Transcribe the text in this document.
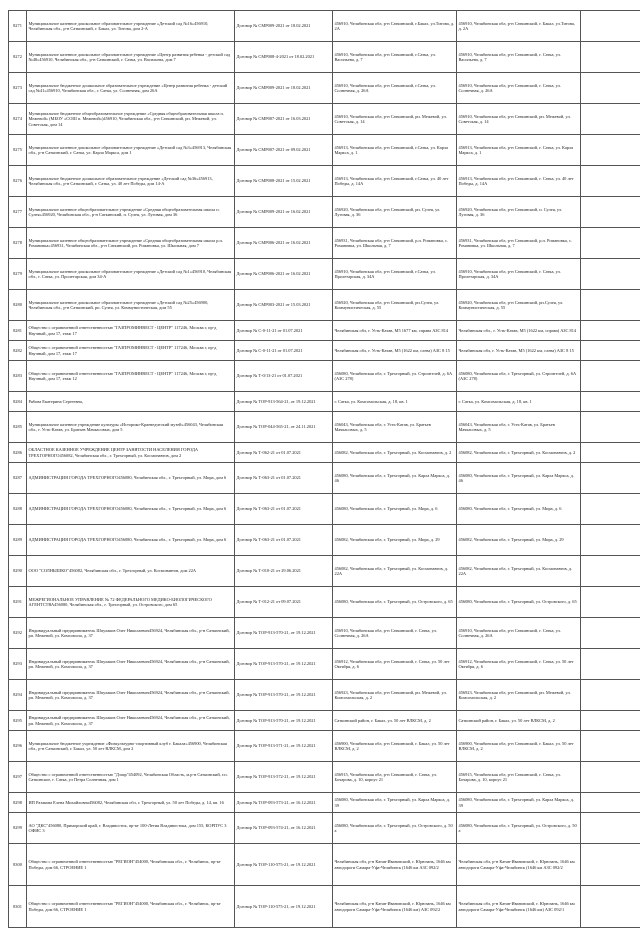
8271	Муниципальное казенное дошкольное образовательное учреждение «Детский сад №16»456910, Челябинская обл., р-н Саткинский, г. Бакал, ул. Титова, дом 2-А	Договор № СМР009-2021 от 18.02.2021	456910, Челябинская обл, р-н Саткинский, г.Бакал, ул.Титова, д. 2А	456910, Челябинская обл, р-н Саткинский, г. Бакал, ул.Титова, д. 2А	
8272	Муниципальное казенное дошкольное образовательное учреждение «Центр развития ребенка - детский сад №48»456910, Челябинская обл., р-н Саткинский, г. Сатка, ул. Васильева, дом 7	Договор № СМР008-4-2021 от 18.02.2021	456910, Челябинская обл, р-н Саткинский, г.Сатка, ул. Васильева, д. 7	456910, Челябинская обл, р-н Саткинский, г. Сатка, ул. Васильева, д. 7	
8273	Муниципальное бюджетное дошкольное образовательное учреждение «Центр развития ребенка - детский сад №41»456910, Челябинская обл., г. Сатка, ул. Солнечная, дом 26А	Договор № СМР009-2021 от 18.02.2021	456910, Челябинская обл, р-н Саткинский, г.Сатка, ул. Солнечная, д. 26А	456910, Челябинская обл, р-н Саткинский, г. Сатка, ул. Солнечная, д. 26А	
8274	Муниципальное бюджетное общеобразовательное учреждение «Средняя общеобразовательная школа п. Межевой» (МБОУ «СОШ п. Межевой»)456910, Челябинская обл., р-н Саткинский, рп. Межевой, ул. Советская, дом 14	Договор № СМР007-2021 от 16.03.2021	456910, Челябинская обл, р-н Саткинский, рп. Межевой, ул. Советская, д. 14	456910, Челябинская обл, р-н Саткинский, рп. Межевой, ул. Советская, д. 14	
8275	Муниципальное казенное дошкольное образовательное учреждение «Детский сад №3»456913, Челябинская обл., р-н Саткинский, г. Сатка, ул. Карла Маркса, дом 1	Договор № СМР007-2021 от 09.02.2021	456913, Челябинская обл, р-н Саткинский, г.Сатка, ул. Карла Маркса, д. 1	456913, Челябинская обл, р-н Саткинский, г. Сатка, ул. Карла Маркса, д. 1	
8276	Муниципальное бюджетное дошкольное образовательное учреждение «Детский сад №36»456913, Челябинская обл., р-н Саткинский, г. Сатка, ул. 40 лет Победы, дом 14-А	Договор № СМР008-2021 от 15.02.2021	456913, Челябинская обл, р-н Саткинский, г.Сатка, ул. 40 лет Победы, д. 14А	456913, Челябинская обл, р-н Саткинский, г. Сатка, ул. 40 лет Победы, д. 14А	
8277	Муниципальное казенное общеобразовательное учреждение «Средняя общеобразовательная школа п. Сулея»456920, Челябинская обл., р-н Саткинский, п. Сулея, ул. Луговая, дом 36	Договор № СМР009-2021 от 16.02.2021	456920, Челябинская обл, р-н Саткинский, рп. Сулея, ул. Луговая, д. 36	456920, Челябинская обл, р-н Саткинский, п. Сулея, ул. Луговая, д. 36	
8278	Муниципальное казенное общеобразовательное учреждение «Средняя общеобразовательная школа р.п. Романовка»456931, Челябинская обл., р-н Саткинский, рп. Романовка, ул. Школьная, дом 7	Договор № СМР006-2021 от 16.02.2021	456931, Челябинская обл, р-н Саткинский, р.п. Романовка, с. Романовка, ул. Школьная, д. 7	456931, Челябинская обл, р-н Саткинский, р.п. Романовка, с. Романовка, ул. Школьная, д. 7	
8279	Муниципальное казенное дошкольное образовательное учреждение «Детский сад №1»456910, Челябинская обл., г. Сатка, ул. Пролетарская, дом 34-А	Договор № СМР006-2021 от 16.02.2021	456910, Челябинская обл, р-н Саткинский, г.Сатка, ул. Пролетарская, д. 34А	456910, Челябинская обл, р-н Саткинский, г. Сатка, ул. Пролетарская, д. 34А	
8280	Муниципальное казенное дошкольное образовательное учреждение «Детский сад №25»456900, Челябинская обл., р-н Саткинский, рп. Сулея, ул. Коммунистическая, дом 55	Договор № СМР003-2021 от 15.03.2021	456920, Челябинская обл, р-н Саткинский, рп.Сулея, ул. Коммунистическая, д. 55	456920, Челябинская обл, р-н Саткинский, рп.Сулея, ул. Коммунистическая, д. 55	
8281	Общество с ограниченной ответственностью "ГАЗПРОМИНВЕСТ - ЦЕНТР" 117246, Москва г, пр-д Научный, дом 17, этаж 17	Договор № С-0-11-21 от 01.07.2021	Челябинская обл, г. Усть-Катав, М5 1677 км, справа АЗС 814	Челябинская обл., г. Усть-Катав, М5 (1622 км, справа) АЗС 814	
8282	Общество с ограниченной ответственностью "ГАЗПРОМИНВЕСТ - ЦЕНТР" 117246, Москва г, пр-д Научный, дом 17, этаж 17	Договор № С-0-11-21 от 01.07.2021	Челябинская обл, г. Усть-Катав, М5 (1622 км, слева) АЗС 8 15	Челябинская обл, г. Усть-Катав, М5 (1622 км, слева) АЗС 8 15	
8283	Общество с ограниченной ответственностью "ГАЗПРОМИНВЕСТ - ЦЕНТР" 117246, Москва г, пр-д Научный, дом 17, этаж 12	Договор № Т-0/13-21 от 01.07.2021	456080, Челябинская обл, г. Трехгорный, ул. Строителей, д. 6А (АЗС 278)	456080, Челябинская обл, г. Трехгорный, ул. Строителей, д. 6А (АЗС 278)	
8284	Рябова Екатерина Сергеевна,	Договор № ТОР-913-564-21, от 19.12.2021	г. Сатка, ул. Комсомольская, д. 18, кв. 1	г. Сатка, ул. Комсомольская, д. 18, кв. 1	
8285	Муниципальное казенное учреждение культуры «Историко-Краеведческий музей»456043, Челябинская обл., г. Усть-Катав, ул. Братьев Мачкасовых, дом 5	Договор № ТОР-044-565-21, от 24.11.2021	456043, Челябинская обл, г. Усть-Катав, ул. Братьев Мачкасовых, д. 5	456043, Челябинская обл, г. Усть-Катав, ул. Братьев Мачкасовых, д. 5	
8286	ОБЛАСТНОЕ КАЗЕННОЕ УЧРЕЖДЕНИЕ ЦЕНТР ЗАНЯТОСТИ НАСЕЛЕНИЯ ГОРОДА ТРЕХГОРНОГО456082, Челябинская обл., г. Трехгорный, ул. Космонавтов, дом 2	Договор № Т-062-21 от 01.07.2021	456082, Челябинская обл, г. Трехгорный, ул. Космонавтов, д. 2	456082, Челябинская обл, г. Трехгорный, ул. Космонавтов, д. 2	
8287	АДМИНИСТРАЦИЯ ГОРОДА ТРЕХГОРНОГО456080, Челябинская обл., г. Трехгорный, ул. Мира, дом 6	Договор № Т-063-21 от 01.07.2021	456080, Челябинская обл, г. Трехгорный, ул. Карла Маркса, д. 46	456080, Челябинская обл, г. Трехгорный, ул. Карла Маркса, д. 46	
8288	АДМИНИСТРАЦИЯ ГОРОДА ТРЕХГОРНОГО456080, Челябинская обл., г. Трехгорный, ул. Мира, дом 6	Договор № Т-063-21 от 01.07.2021	456080, Челябинская обл, г. Трехгорный, ул. Мира, д. 6	456080, Челябинская обл, г. Трехгорный, ул. Мира, д. 6	
8289	АДМИНИСТРАЦИЯ ГОРОДА ТРЕХГОРНОГО456080, Челябинская обл., г. Трехгорный, ул. Мира, дом 6	Договор № Т-063-21 от 01.07.2021	456082, Челябинская обл, г. Трехгорный, ул. Мира, д. 29	456082, Челябинская обл, г. Трехгорный, ул. Мира, д. 29	
8290	ООО "СОЛНЫШКО"456082, Челябинская обл., г. Трехгорный, ул. Космонавтов, дом 22А	Договор № Т-010-21 от 29.06.2021	456082, Челябинская обл, г. Трехгорный, ул. Космонавтов, д. 22А	456082, Челябинская обл, г. Трехгорный, ул. Космонавтов, д. 22А	
8291	МЕЖРЕГИОНАЛЬНОЕ УПРАВЛЕНИЕ № 72 ФЕДЕРАЛЬНОГО МЕДИКО-БИОЛОГИЧЕСКОГО АГЕНТСТВА456080, Челябинская обл., г. Трехгорный, ул. Островского, дом 65	Договор № Т-012-21 от 09.07.2021	456080, Челябинская обл, г. Трехгорный, ул. Островского, д. 65	456080, Челябинская обл, г. Трехгорный, ул. Островского, д. 65	
8292	Индивидуальный предприниматель Шпулаков Олег Николаевич456924, Челябинская обл., р-н Саткинский, рп. Межевой, ул. Комсомола, д. 37	Договор № ТОР-913-570-21, от 19.12.2021	456910, Челябинская обл, р-н Саткинский, г. Сатка, ул. Солнечная, д. 26А	456910, Челябинская обл, р-н Саткинский, г. Сатка, ул. Солнечная, д. 26А	
8293	Индивидуальный предприниматель Шпулаков Олег Николаевич456924, Челябинская обл., р-н Саткинский, рп. Межевой, ул. Комсомола, д. 37	Договор № ТОР-913-570-21, от 19.12.2021	456912, Челябинская обл, р-н Саткинский, г. Сатка, ул. 50 лет Октября, д. 6	456912, Челябинская обл, р-н Саткинский, г. Сатка, ул. 50 лет Октября, д. 6	
8294	Индивидуальный предприниматель Шпулаков Олег Николаевич456924, Челябинская обл., р-н Саткинский, рп. Межевой, ул. Комсомола, д. 37	Договор № ТОР-913-570-21, от 19.12.2021	456923, Челябинская обл, р-н Саткинский, рп. Межевой, ул. Комсомольская, д. 2	456923, Челябинская обл, р-н Саткинский, рп. Межевой, ул. Комсомольская, д. 2	
8295	Индивидуальный предприниматель Шпулаков Олег Николаевич456924, Челябинская обл., р-н Саткинский, рп. Межевой, ул. Комсомола, д. 37	Договор № ТОР-913-570-21, от 19.12.2021	Саткинский район, г. Бакал, ул. 50 лет ВЛКСМ, д. 2	Саткинский район, г. Бакал, ул. 50 лет ВЛКСМ, д. 2	
8296	Муниципальное бюджетное учреждение «Физкультурно-спортивный клуб г. Бакала»456900, Челябинская обл., р-н Саткинский, г. Бакал, ул. 50 лет ВЛКСМ, дом 2	Договор № ТОР-913-571-21, от 19.12.2021	456900, Челябинская обл, р-н Саткинский, г. Бакал, ул. 50 лет ВЛКСМ, д. 2	456900, Челябинская обл, р-н Саткинский, г. Бакал, ул. 50 лет ВЛКСМ, д. 2	
8297	Общество с ограниченной ответственностью "Дзаэр"454092, Челябинская Область, м.р-н Саткинский, г.п. Саткинское, г. Сатка, ул Петра Солнечная, дом 1	Договор № ТОР-913-572-21, от 19.12.2021	456915, Челябинская обл, р-н Саткинский, г. Сатка, ул. Бочарова, д. 10, корпус 21	456915, Челябинская обл, р-н Саткинский, г. Сатка, ул. Бочарова, д. 10, корпус 21	
8298	ИП Разакова Елена Михайловна456082, Челябинская обл, г. Трехгорный, ул. 50 лет Победы, д. 14, кв. 16	Договор № ТОР-093-573-21, от 16.12.2021	456080, Челябинская обл, г. Трехгорный, ул. Карла Маркса, д. 39	456080, Челябинская обл, г. Трехгорный, ул. Карла Маркса, д. 39	
8299	АО "ДКС"456080, Приморский край, г. Владивосток, пр-кт 100-Летия Владивостока, дом 155, КОРПУС 3 ОФИС 3	Договор № ТОР-093-574-21, от 16.12.2021	456080, Челябинская обл, г. Трехгорный, ул. Островского, д. 50 а	456080, Челябинская обл, г. Трехгорный, ул. Островского, д. 50 а	
8300	Общество с ограниченной ответственностью "РЕГИОН"454000, Челябинская обл., г. Челябинск, пр-кт Победы, дом 66, СТРОЕНИЕ 1	Договор № ТОР-110-575-21, от 19.12.2021	Челябинская обл, р-н Катав-Ивановский, г. Юрюзань, 1646 км автодороги Самара-Уфа-Челябинск (1646 км АЗС 092/2	Челябинская обл, р-н Катав-Ивановский, г. Юрюзань, 1646 км автодороги Самара-Уфа-Челябинск (1646 км АЗС 092/2	
8301	Общество с ограниченной ответственностью "РЕГИОН"454000, Челябинская обл., г. Челябинск, пр-кт Победы, дом 66, СТРОЕНИЕ 1	Договор № ТОР-110-575-21, от 19.12.2021	Челябинская обл, р-н Катав-Ивановский, г. Юрюзань, 1646 км автодороги Самара-Уфа-Челябинск (1646 км) АЗС 092/2	Челябинская обл, р-н Катав-Ивановский, г. Юрюзань, 1646 км автодороги Самара-Уфа-Челябинск (1646 км) АЗС 092/1	
